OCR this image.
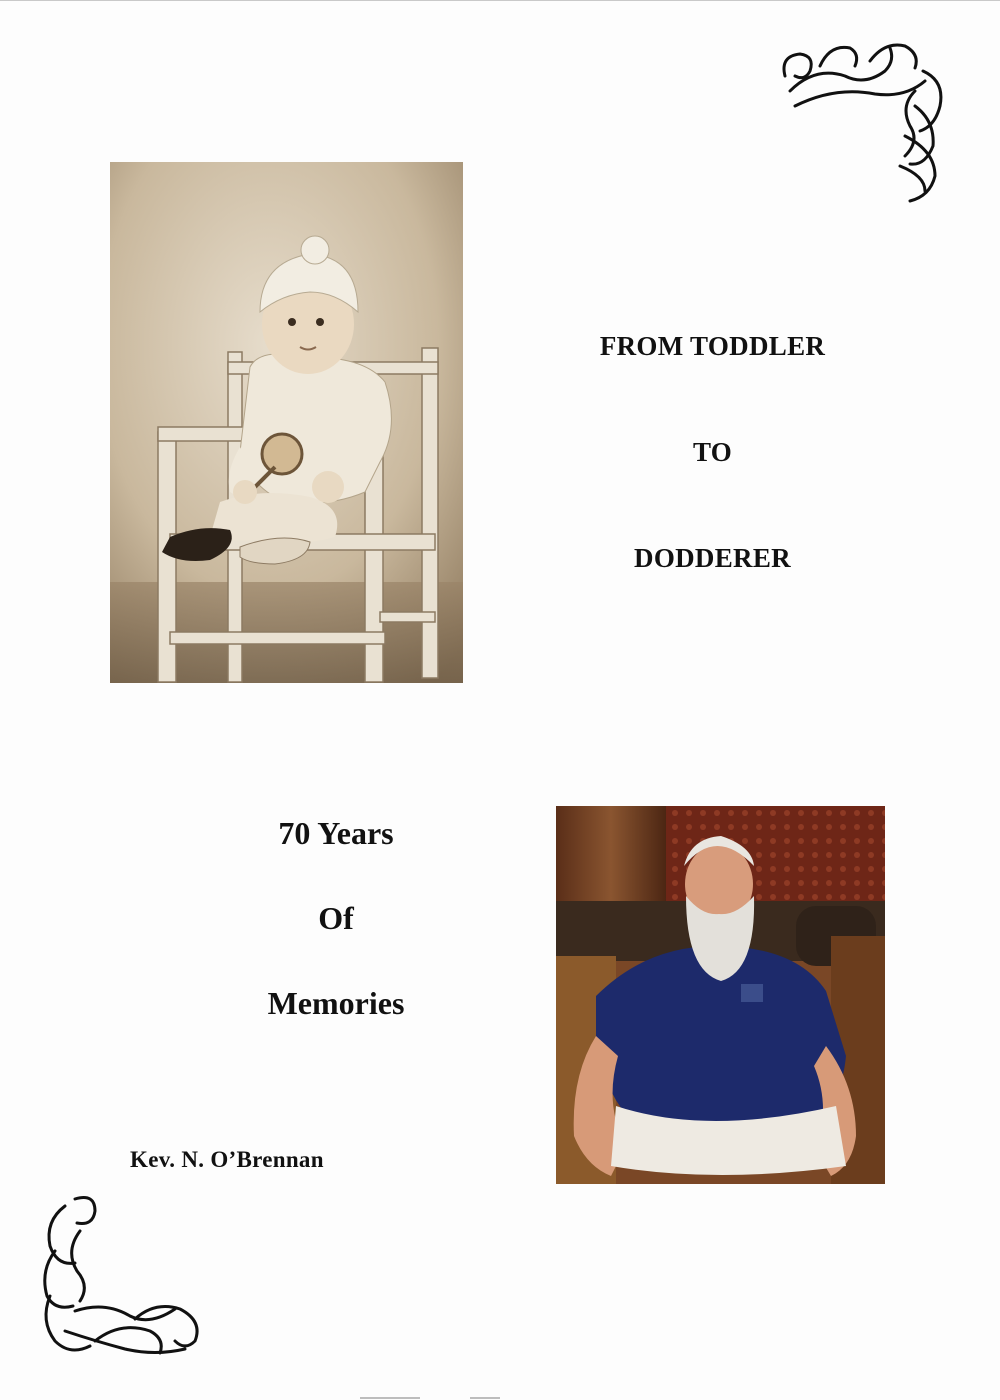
FROM TODDLER
TO
DODDERER
70 Years
Of
Memories
Kev. N. O’Brennan
